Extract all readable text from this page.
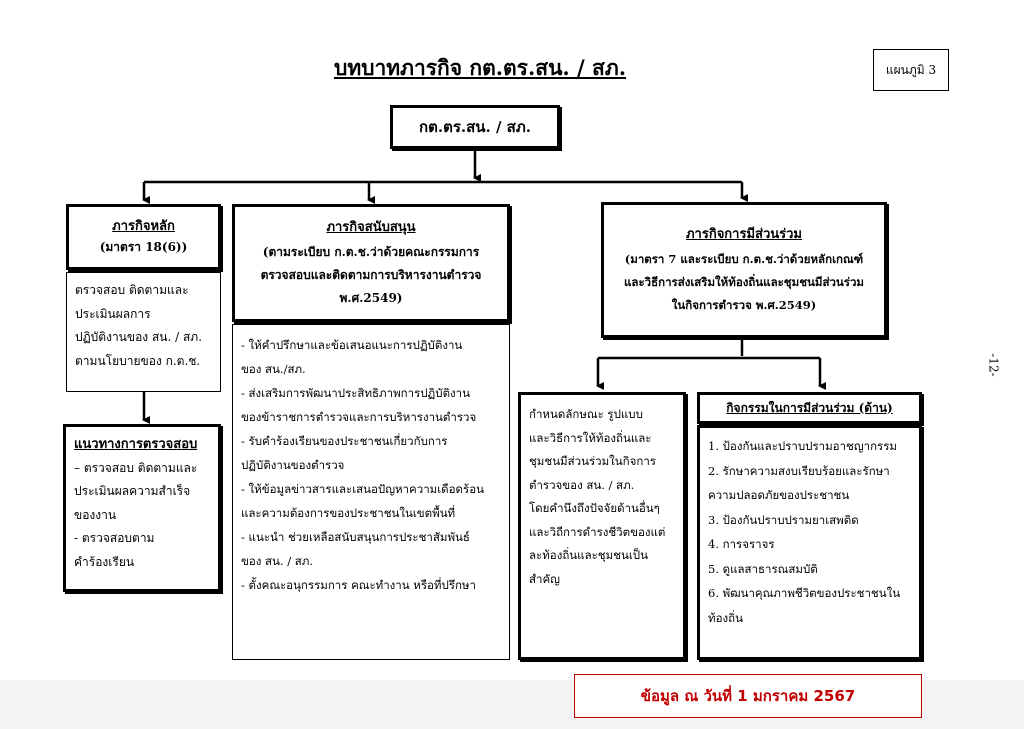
บทบาทภารกิจ กต.ตร.สน. / สภ.	แผนภูมิ 3
-12-
กต.ตร.สน. / สภ.
ภารกิจหลัก
(มาตรา 18(6))

ตรวจสอบ ติดตามและ

ประเมินผลการ

ปฏิบัติงานของ สน. / สภ.

ตามนโยบายของ ก.ต.ช.

แนวทางการตรวจสอบ

– ตรวจสอบ ติดตามและ

ประเมินผลความสำเร็จ

ของงาน

- ตรวจสอบตาม

คำร้องเรียน

ภารกิจสนับสนุน
(ตามระเบียบ ก.ต.ช.ว่าด้วยคณะกรรมการ
ตรวจสอบและติดตามการบริหารงานตำรวจ
พ.ศ.2549)

- ให้คำปรึกษาและข้อเสนอแนะการปฏิบัติงาน

ของ สน./สภ.

- ส่งเสริมการพัฒนาประสิทธิภาพการปฏิบัติงาน

ของข้าราชการตำรวจและการบริหารงานตำรวจ

- รับคำร้องเรียนของประชาชนเกี่ยวกับการ

ปฏิบัติงานของตำรวจ

- ให้ข้อมูลข่าวสารและเสนอปัญหาความเดือดร้อน

และความต้องการของประชาชนในเขตพื้นที่

- แนะนำ ช่วยเหลือสนับสนุนการประชาสัมพันธ์

ของ สน. / สภ.

- ตั้งคณะอนุกรรมการ คณะทำงาน หรือที่ปรึกษา

ภารกิจการมีส่วนร่วม
(มาตรา 7 และระเบียบ ก.ต.ช.ว่าด้วยหลักเกณฑ์
และวิธีการส่งเสริมให้ท้องถิ่นและชุมชนมีส่วนร่วม
ในกิจการตำรวจ พ.ศ.2549)

กำหนดลักษณะ รูปแบบ

และวิธีการให้ท้องถิ่นและ

ชุมชนมีส่วนร่วมในกิจการ

ตำรวจของ สน. / สภ.

โดยคำนึงถึงปัจจัยด้านอื่นๆ

และวิถีการดำรงชีวิตของแต่

ละท้องถิ่นและชุมชนเป็น

สำคัญ

กิจกรรมในการมีส่วนร่วม (ด้าน)

1. ป้องกันและปราบปรามอาชญากรรม

2. รักษาความสงบเรียบร้อยและรักษา

ความปลอดภัยของประชาชน

3. ป้องกันปราบปรามยาเสพติด

4. การจราจร

5. ดูแลสาธารณสมบัติ

6. พัฒนาคุณภาพชีวิตของประชาชนใน

ท้องถิ่น

ข้อมูล ณ วันที่ 1 มกราคม 2567
